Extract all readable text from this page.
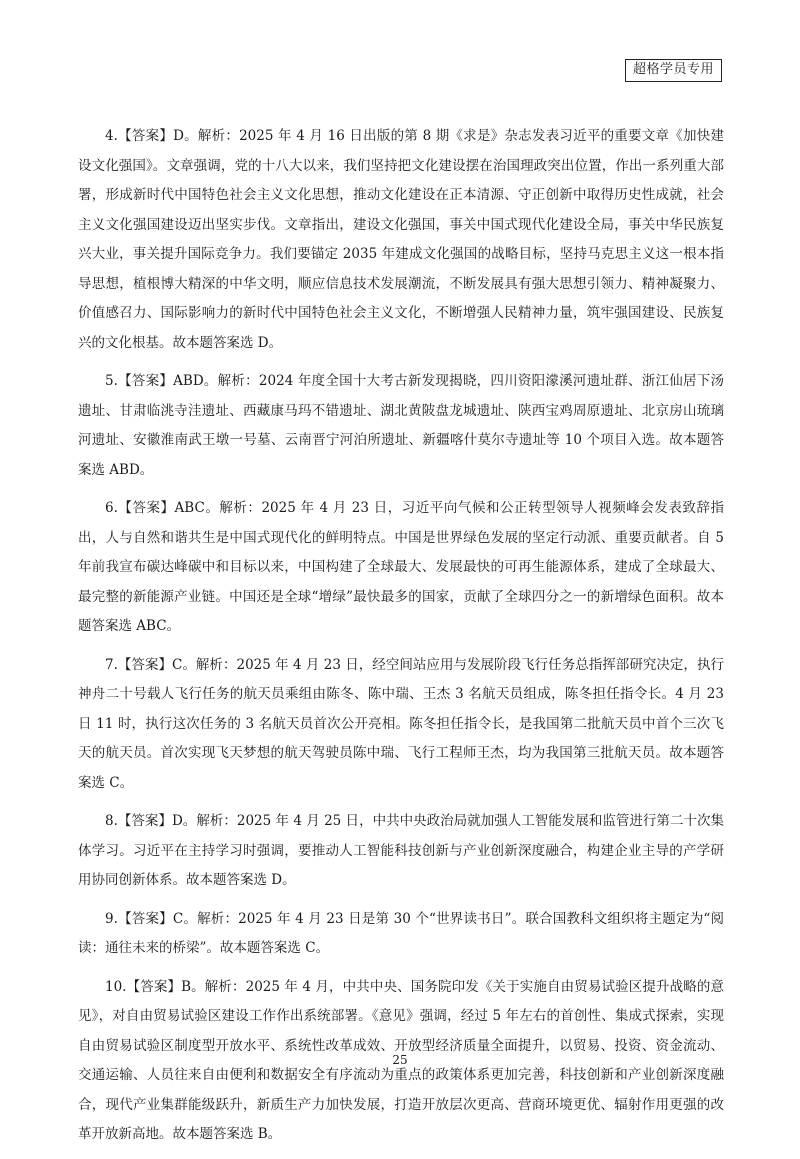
超格学员专用

4.【答案】D。解析：2025 年 4 月 16 日出版的第 8 期《求是》杂志发表习近平的重要文章《加快建设文化强国》。文章强调，党的十八大以来，我们坚持把文化建设摆在治国理政突出位置，作出一系列重大部署，形成新时代中国特色社会主义文化思想，推动文化建设在正本清源、守正创新中取得历史性成就，社会主义文化强国建设迈出坚实步伐。文章指出，建设文化强国，事关中国式现代化建设全局，事关中华民族复兴大业，事关提升国际竞争力。我们要锚定 2035 年建成文化强国的战略目标，坚持马克思主义这一根本指导思想，植根博大精深的中华文明，顺应信息技术发展潮流，不断发展具有强大思想引领力、精神凝聚力、价值感召力、国际影响力的新时代中国特色社会主义文化，不断增强人民精神力量，筑牢强国建设、民族复兴的文化根基。故本题答案选 D。

5.【答案】ABD。解析：2024 年度全国十大考古新发现揭晓，四川资阳濛溪河遗址群、浙江仙居下汤遗址、甘肃临洮寺洼遗址、西藏康马玛不错遗址、湖北黄陂盘龙城遗址、陕西宝鸡周原遗址、北京房山琉璃河遗址、安徽淮南武王墩一号墓、云南晋宁河泊所遗址、新疆喀什莫尔寺遗址等 10 个项目入选。故本题答案选 ABD。

6.【答案】ABC。解析：2025 年 4 月 23 日，习近平向气候和公正转型领导人视频峰会发表致辞指出，人与自然和谐共生是中国式现代化的鲜明特点。中国是世界绿色发展的坚定行动派、重要贡献者。自 5 年前我宣布碳达峰碳中和目标以来，中国构建了全球最大、发展最快的可再生能源体系，建成了全球最大、最完整的新能源产业链。中国还是全球“增绿”最快最多的国家，贡献了全球四分之一的新增绿色面积。故本题答案选 ABC。

7.【答案】C。解析：2025 年 4 月 23 日，经空间站应用与发展阶段飞行任务总指挥部研究决定，执行神舟二十号载人飞行任务的航天员乘组由陈冬、陈中瑞、王杰 3 名航天员组成，陈冬担任指令长。4 月 23 日 11 时，执行这次任务的 3 名航天员首次公开亮相。陈冬担任指令长，是我国第二批航天员中首个三次飞天的航天员。首次实现飞天梦想的航天驾驶员陈中瑞、飞行工程师王杰，均为我国第三批航天员。故本题答案选 C。

8.【答案】D。解析：2025 年 4 月 25 日，中共中央政治局就加强人工智能发展和监管进行第二十次集体学习。习近平在主持学习时强调，要推动人工智能科技创新与产业创新深度融合，构建企业主导的产学研用协同创新体系。故本题答案选 D。

9.【答案】C。解析：2025 年 4 月 23 日是第 30 个“世界读书日”。联合国教科文组织将主题定为“阅读：通往未来的桥梁”。故本题答案选 C。

10.【答案】B。解析：2025 年 4 月，中共中央、国务院印发《关于实施自由贸易试验区提升战略的意见》，对自由贸易试验区建设工作作出系统部署。《意见》强调，经过 5 年左右的首创性、集成式探索，实现自由贸易试验区制度型开放水平、系统性改革成效、开放型经济质量全面提升，以贸易、投资、资金流动、交通运输、人员往来自由便利和数据安全有序流动为重点的政策体系更加完善，科技创新和产业创新深度融合，现代产业集群能级跃升，新质生产力加快发展，打造开放层次更高、营商环境更优、辐射作用更强的改革开放新高地。故本题答案选 B。

25
